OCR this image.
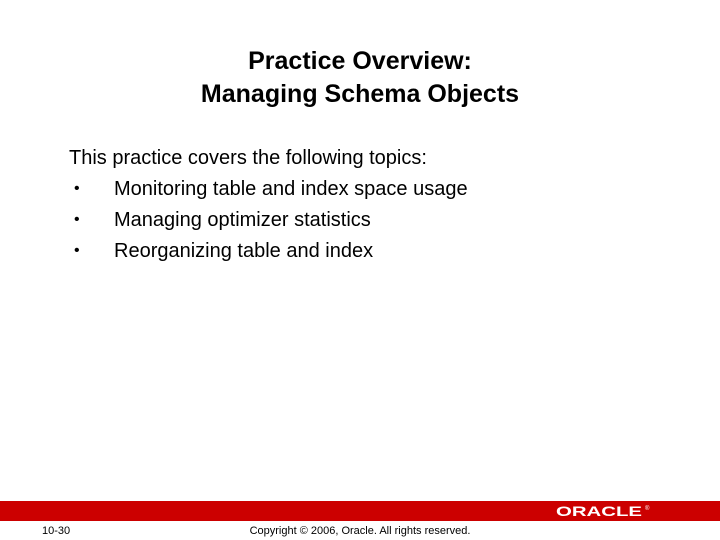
Practice Overview:
Managing Schema Objects
This practice covers the following topics:
•	Monitoring table and index space usage
•	Managing optimizer statistics
•	Reorganizing table and index
ORACLE ®
10-30	Copyright © 2006, Oracle. All rights reserved.
